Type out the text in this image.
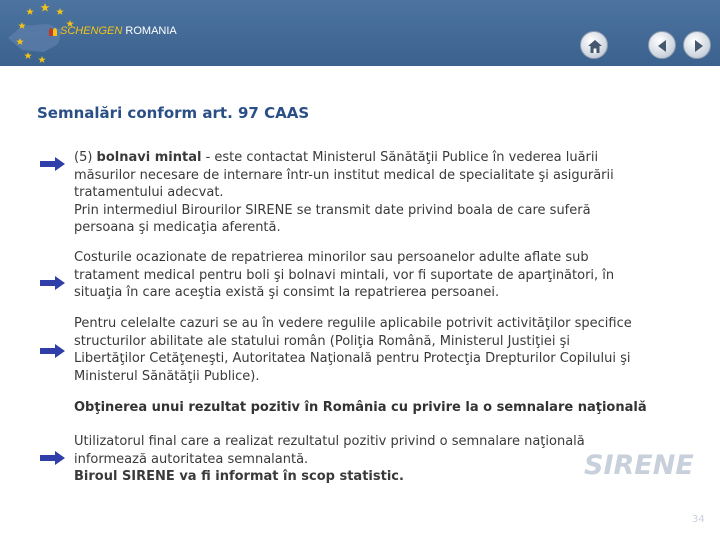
SCHENGEN ROMANIA
Semnalări conform art. 97 CAAS

(5) bolnavi mintal - este contactat Ministerul Sănătăţii Publice în vederea luării

măsurilor necesare de internare într-un institut medical de specialitate şi asigurării

tratamentului adecvat.

Prin intermediul Birourilor SIRENE se transmit date privind boala de care suferă

persoana şi medicaţia aferentă.

Costurile ocazionate de repatrierea minorilor sau persoanelor adulte aflate sub

tratament medical pentru boli şi bolnavi mintali, vor fi suportate de aparţinători, în

situaţia în care aceştia există şi consimt la repatrierea persoanei.

Pentru celelalte cazuri se au în vedere regulile aplicabile potrivit activităţilor specifice

structurilor abilitate ale statului român (Poliţia Română, Ministerul Justiţiei şi

Libertăţilor Cetăţeneşti, Autoritatea Naţională pentru Protecţia Drepturilor Copilului şi

Ministerul Sănătăţii Publice).

Obţinerea unui rezultat pozitiv în România cu privire la o semnalare naţională

Utilizatorul final care a realizat rezultatul pozitiv privind o semnalare naţională

informează autoritatea semnalantă.

Biroul SIRENE va fi informat în scop statistic.	SIRENE
34
